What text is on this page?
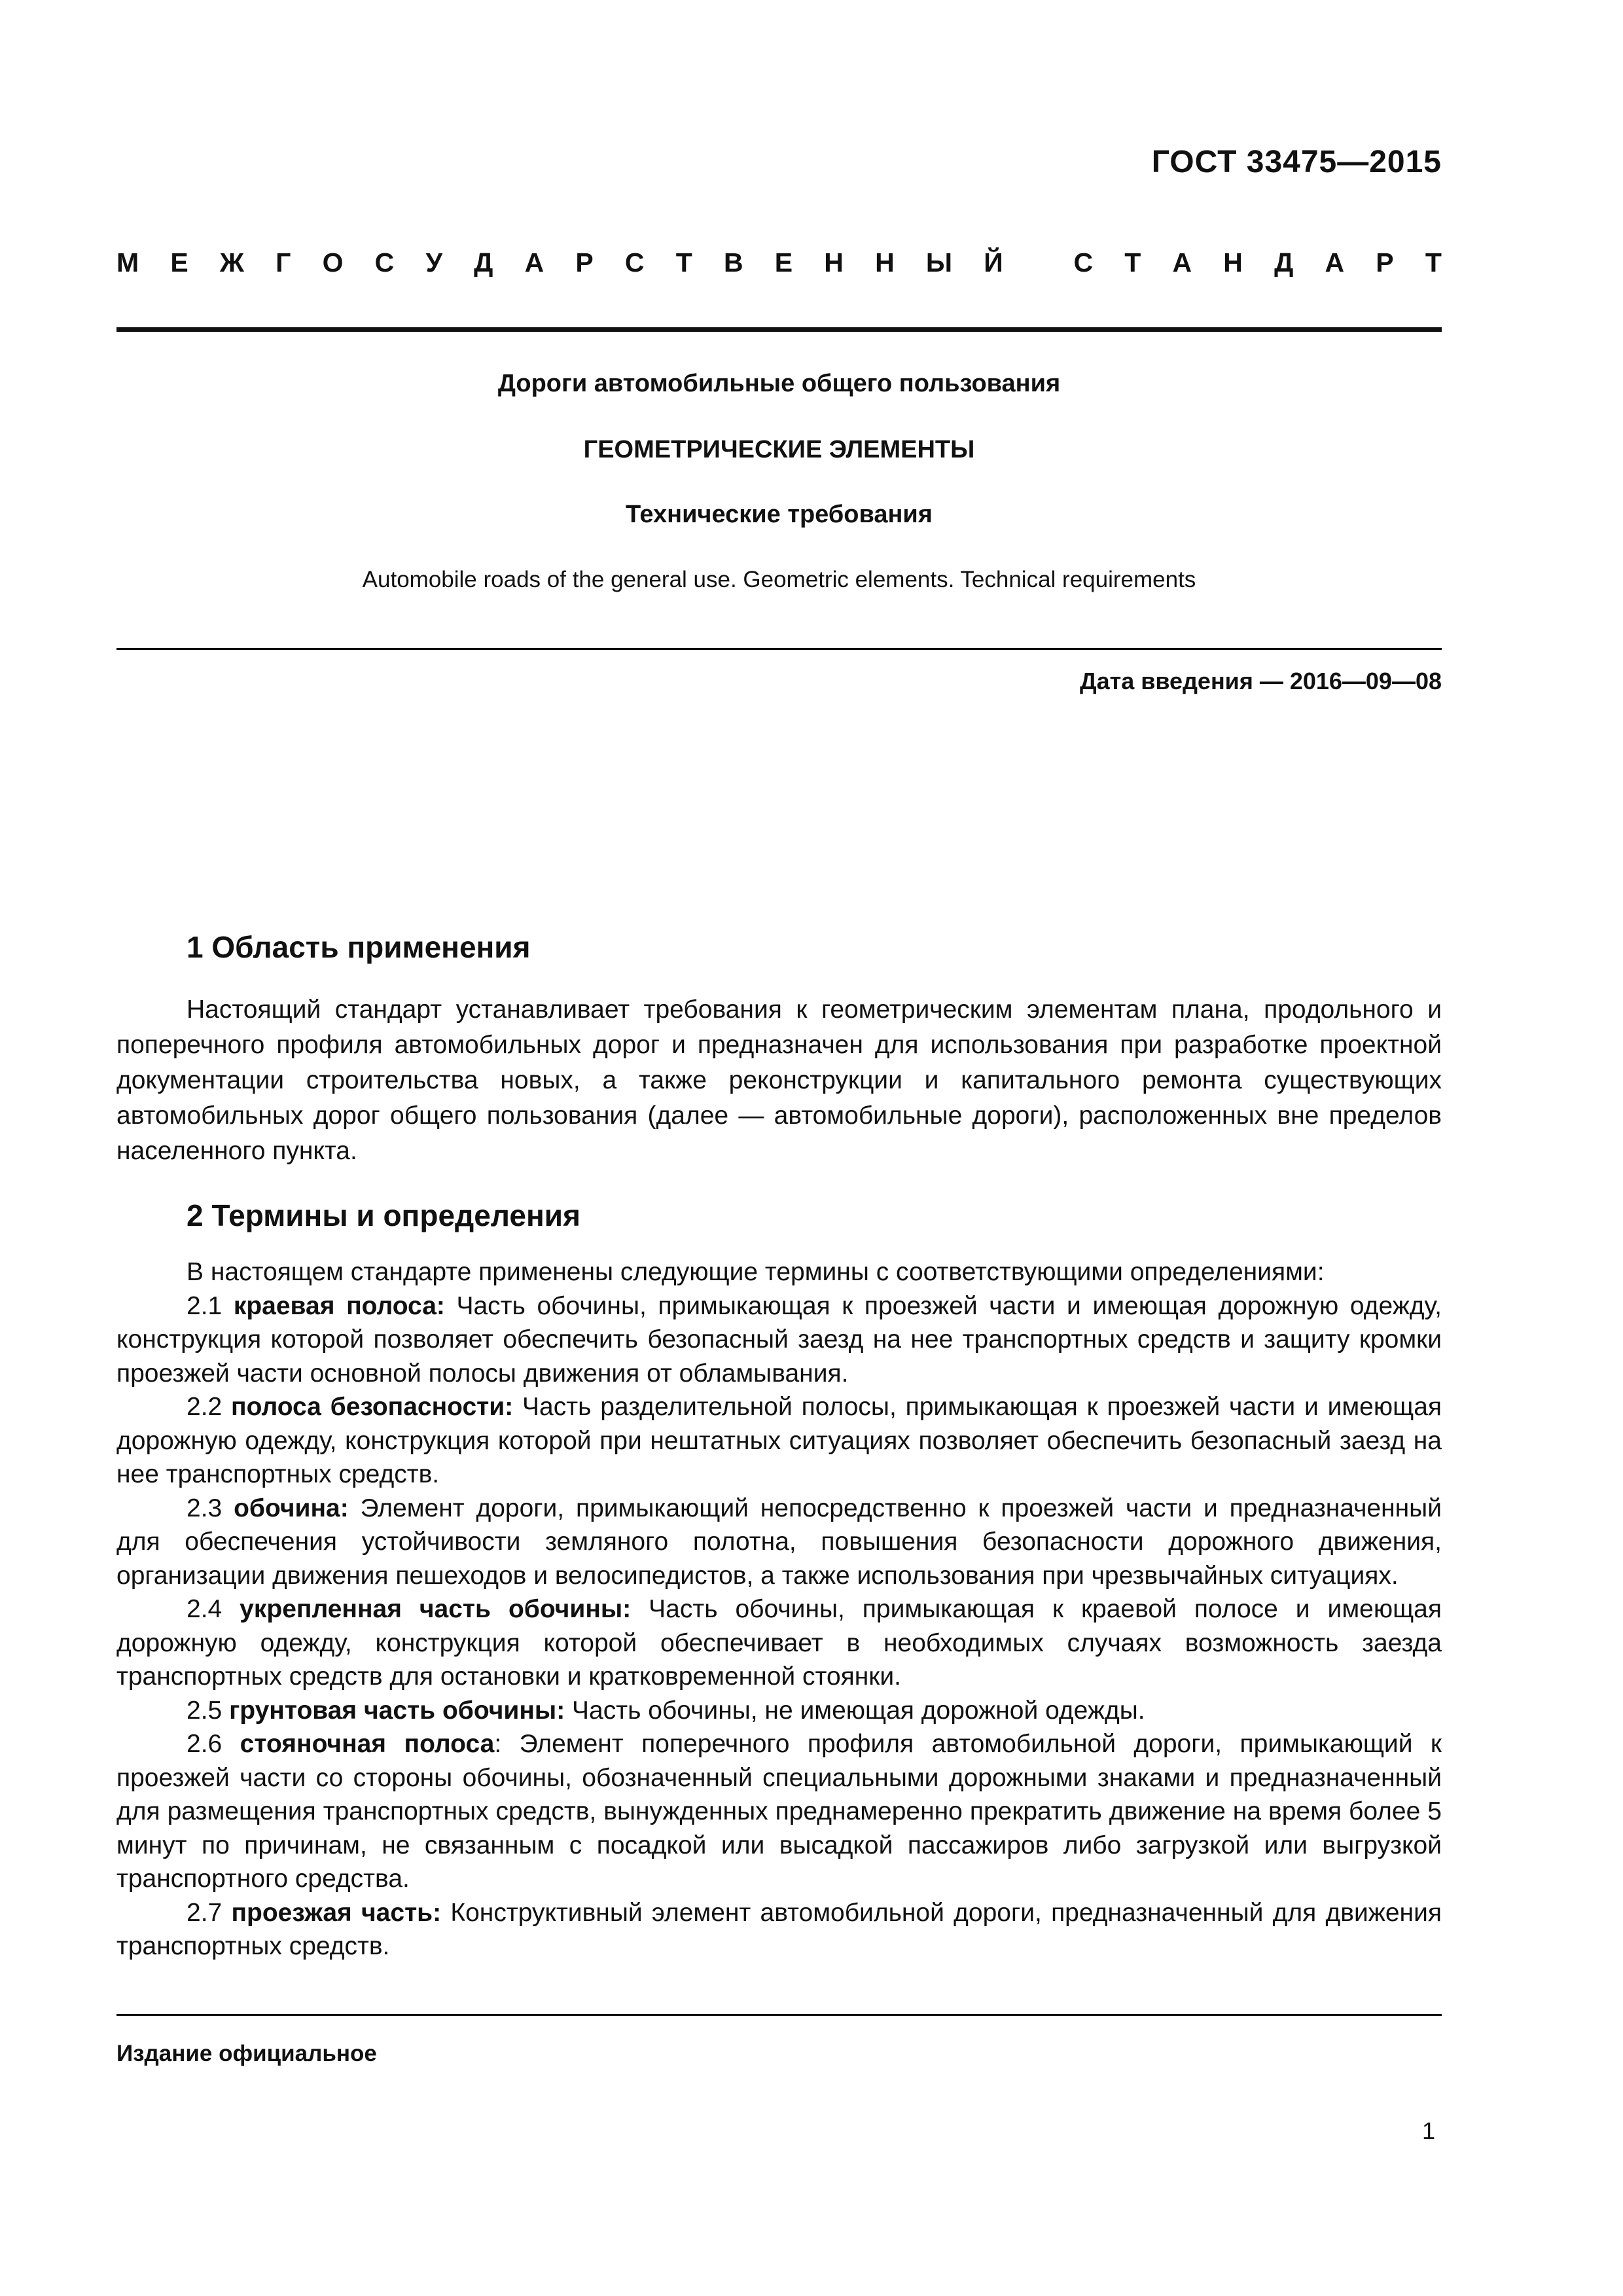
ГОСТ 33475—2015
М Е Ж Г О С У Д А Р С Т В Е Н Н Ы Й
	С Т А Н Д А Р Т
Дороги автомобильные общего пользования
ГЕОМЕТРИЧЕСКИЕ ЭЛЕМЕНТЫ
Технические требования
Automobile roads of the general use. Geometric elements. Technical requirements
Дата введения — 2016—09—08
1 Область применения

Настоящий стандарт устанавливает требования к геометрическим элементам плана, продольного и поперечного профиля автомобильных дорог и предназначен для использования при разработке проектной документации строительства новых, а также реконструкции и капитального ремонта существующих автомобильных дорог общего пользования (далее — автомобильные дороги), расположенных вне пределов населенного пункта.

2 Термины и определения

В настоящем стандарте применены следующие термины с соответствующими определениями:

2.1 краевая полоса: Часть обочины, примыкающая к проезжей части и имеющая дорожную одежду, конструкция которой позволяет обеспечить безопасный заезд на нее транспортных средств и защиту кромки проезжей части основной полосы движения от обламывания.

2.2 полоса безопасности: Часть разделительной полосы, примыкающая к проезжей части и имеющая дорожную одежду, конструкция которой при нештатных ситуациях позволяет обеспечить безопасный заезд на нее транспортных средств.

2.3 обочина: Элемент дороги, примыкающий непосредственно к проезжей части и предназначенный для обеспечения устойчивости земляного полотна, повышения безопасности дорожного движения, организации движения пешеходов и велосипедистов, а также использования при чрезвычайных ситуациях.

2.4 укрепленная часть обочины: Часть обочины, примыкающая к краевой полосе и имеющая дорожную одежду, конструкция которой обеспечивает в необходимых случаях возможность заезда транспортных средств для остановки и кратковременной стоянки.

2.5 грунтовая часть обочины: Часть обочины, не имеющая дорожной одежды.

2.6 стояночная полоса: Элемент поперечного профиля автомобильной дороги, примыкающий к проезжей части со стороны обочины, обозначенный специальными дорожными знаками и предназначенный для размещения транспортных средств, вынужденных преднамеренно прекратить движение на время более 5 минут по причинам, не связанным с посадкой или высадкой пассажиров либо загрузкой или выгрузкой транспортного средства.

2.7 проезжая часть: Конструктивный элемент автомобильной дороги, предназначенный для движения транспортных средств.

Издание официальное
1
